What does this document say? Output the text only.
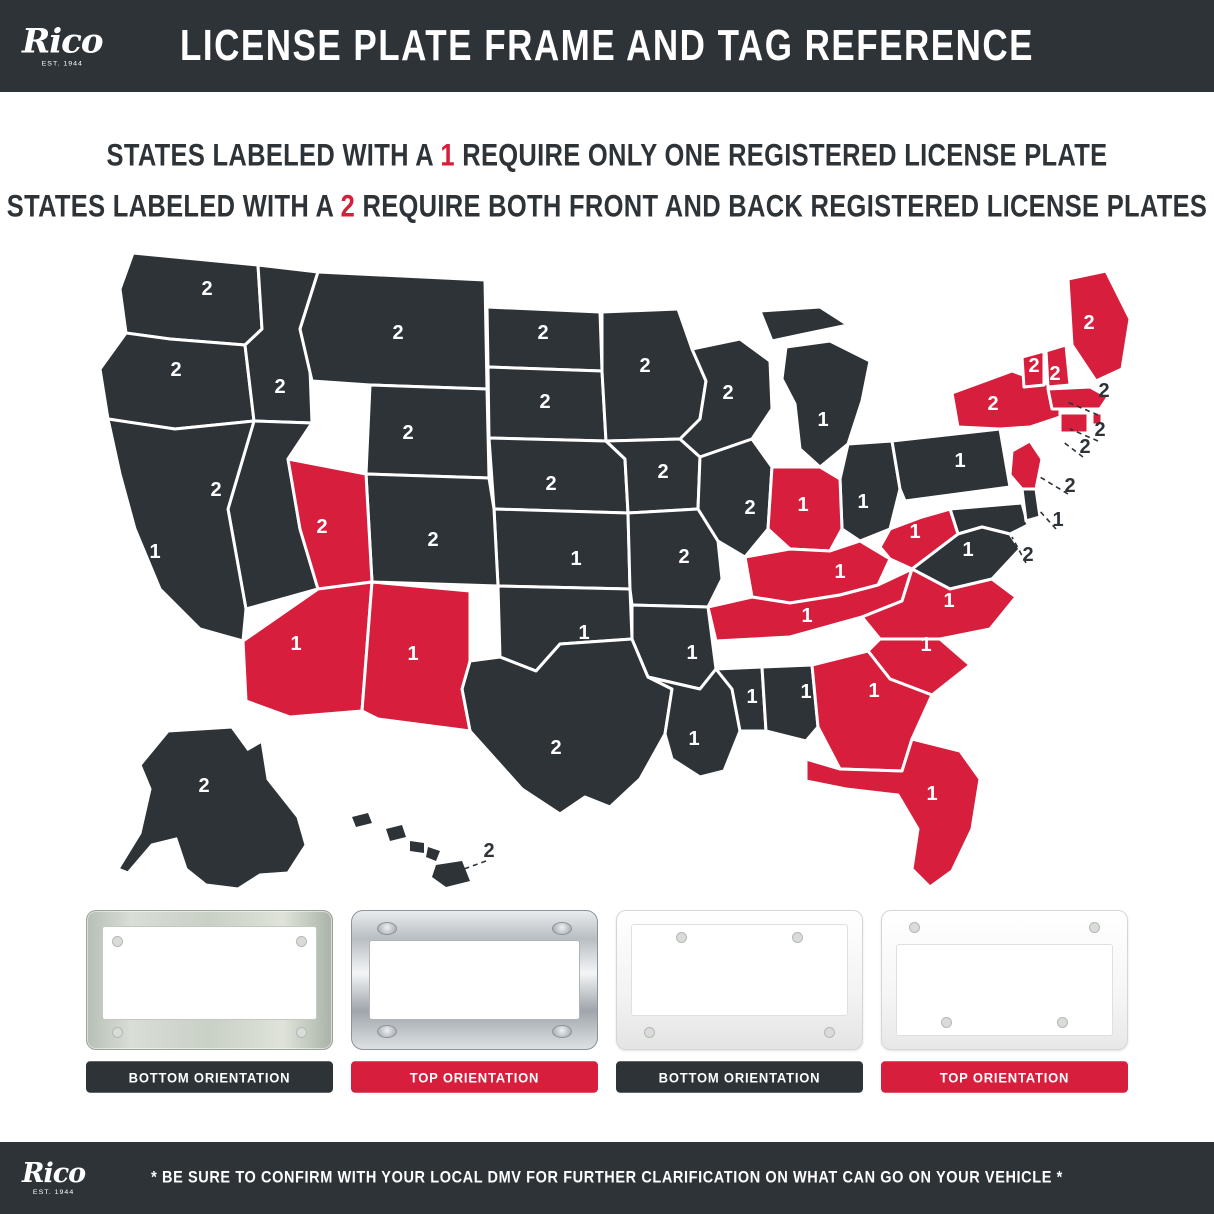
Rico
EST. 1944	LICENSE PLATE FRAME AND TAG REFERENCE
STATES LABELED WITH A 1 REQUIRE ONLY ONE REGISTERED LICENSE PLATE
STATES LABELED WITH A 2 REQUIRE BOTH FRONT AND BACK REGISTERED LICENSE PLATES
2
2
2
2	2
2
2
2
2
2
2
1
2
1
2
2
1	2
2 1 1
1
2
2
2 2
2
2
2
2
1
2
1
1
1
1
1
1
1
1
1
1
1
1 1	1
1
2
2
2
BOTTOM ORIENTATION	TOP ORIENTATION	BOTTOM ORIENTATION	TOP ORIENTATION
Rico
EST. 1944
* BE SURE TO CONFIRM WITH YOUR LOCAL DMV FOR FURTHER CLARIFICATION ON WHAT CAN GO ON YOUR VEHICLE *
